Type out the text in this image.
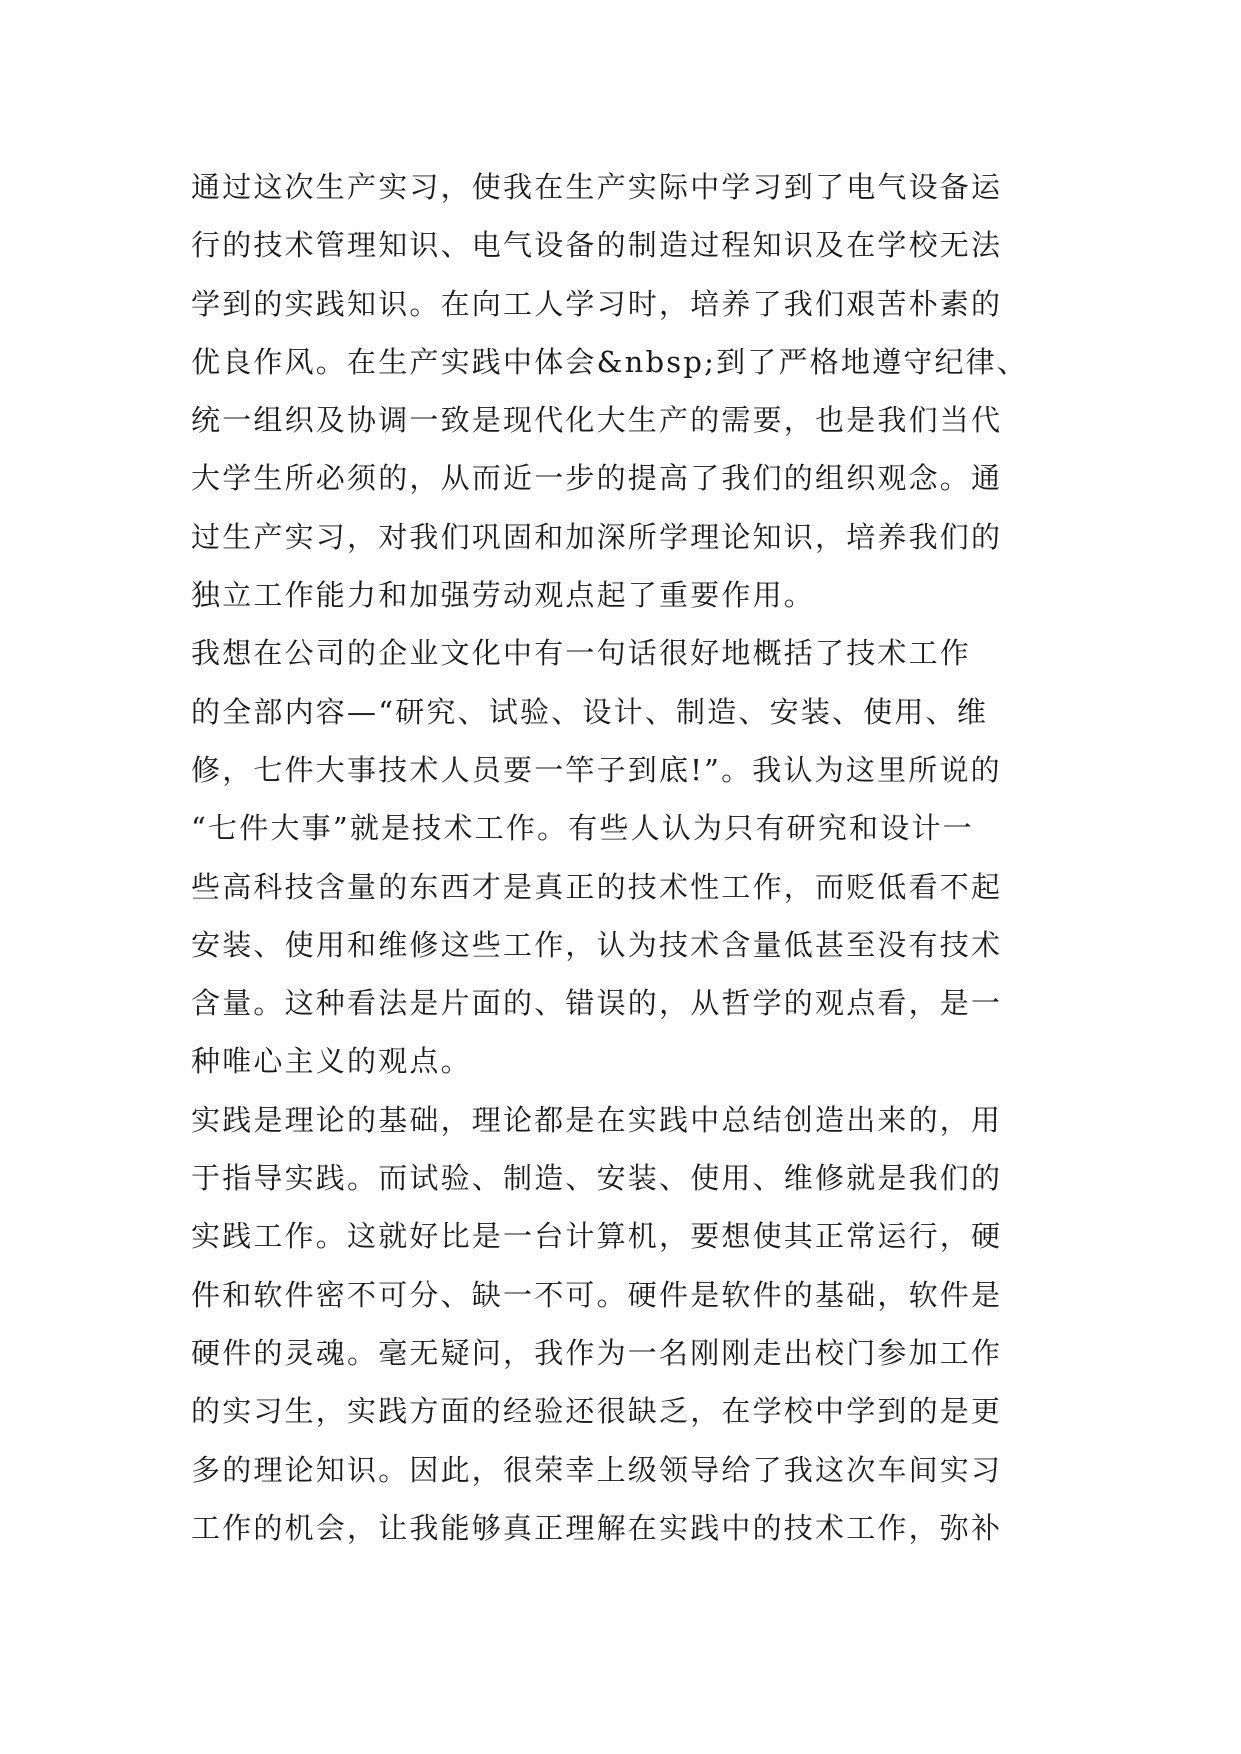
通过这次生产实习，使我在生产实际中学习到了电气设备运
行的技术管理知识、电气设备的制造过程知识及在学校无法
学到的实践知识。在向工人学习时，培养了我们艰苦朴素的
优良作风。在生产实践中体会&nbsp;到了严格地遵守纪律、
统一组织及协调一致是现代化大生产的需要，也是我们当代
大学生所必须的，从而近一步的提高了我们的组织观念。通
过生产实习，对我们巩固和加深所学理论知识，培养我们的
独立工作能力和加强劳动观点起了重要作用。
我想在公司的企业文化中有一句话很好地概括了技术工作
的全部内容—“研究、试验、设计、制造、安装、使用、维
修，七件大事技术人员要一竿子到底!”。我认为这里所说的
“七件大事”就是技术工作。有些人认为只有研究和设计一
些高科技含量的东西才是真正的技术性工作，而贬低看不起
安装、使用和维修这些工作，认为技术含量低甚至没有技术
含量。这种看法是片面的、错误的，从哲学的观点看，是一
种唯心主义的观点。
实践是理论的基础，理论都是在实践中总结创造出来的，用
于指导实践。而试验、制造、安装、使用、维修就是我们的
实践工作。这就好比是一台计算机，要想使其正常运行，硬
件和软件密不可分、缺一不可。硬件是软件的基础，软件是
硬件的灵魂。毫无疑问，我作为一名刚刚走出校门参加工作
的实习生，实践方面的经验还很缺乏，在学校中学到的是更
多的理论知识。因此，很荣幸上级领导给了我这次车间实习
工作的机会，让我能够真正理解在实践中的技术工作，弥补
